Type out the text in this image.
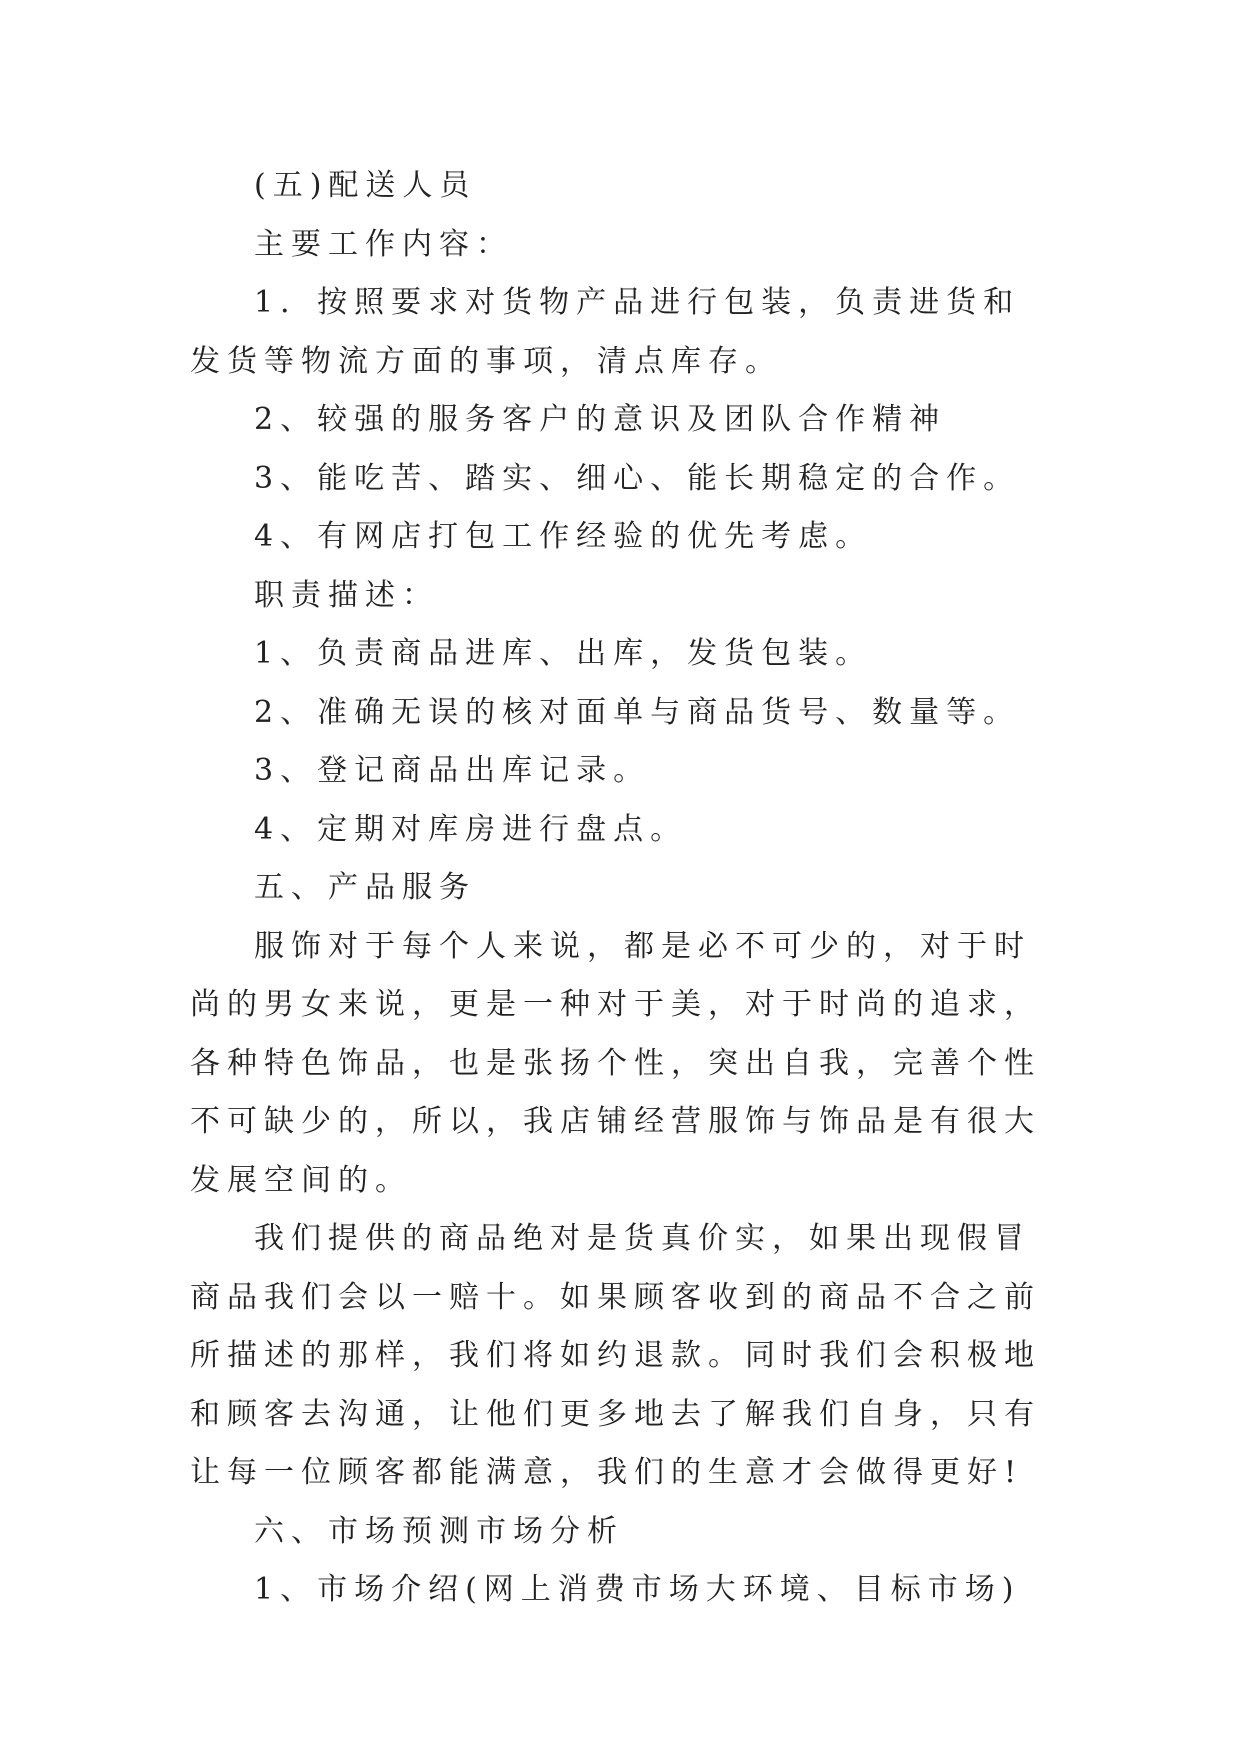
(五)配送人员

主要工作内容：

1．按照要求对货物产品进行包装，负责进货和发货等物流方面的事项，清点库存。

2、较强的服务客户的意识及团队合作精神

3、能吃苦、踏实、细心、能长期稳定的合作。

4、有网店打包工作经验的优先考虑。

职责描述：

1、负责商品进库、出库，发货包装。

2、准确无误的核对面单与商品货号、数量等。

3、登记商品出库记录。

4、定期对库房进行盘点。

五、产品服务

服饰对于每个人来说，都是必不可少的，对于时尚的男女来说，更是一种对于美，对于时尚的追求，各种特色饰品，也是张扬个性，突出自我，完善个性不可缺少的，所以，我店铺经营服饰与饰品是有很大发展空间的。

我们提供的商品绝对是货真价实，如果出现假冒商品我们会以一赔十。如果顾客收到的商品不合之前所描述的那样，我们将如约退款。同时我们会积极地和顾客去沟通，让他们更多地去了解我们自身，只有让每一位顾客都能满意，我们的生意才会做得更好!

六、市场预测市场分析

1、市场介绍(网上消费市场大环境、目标市场)
